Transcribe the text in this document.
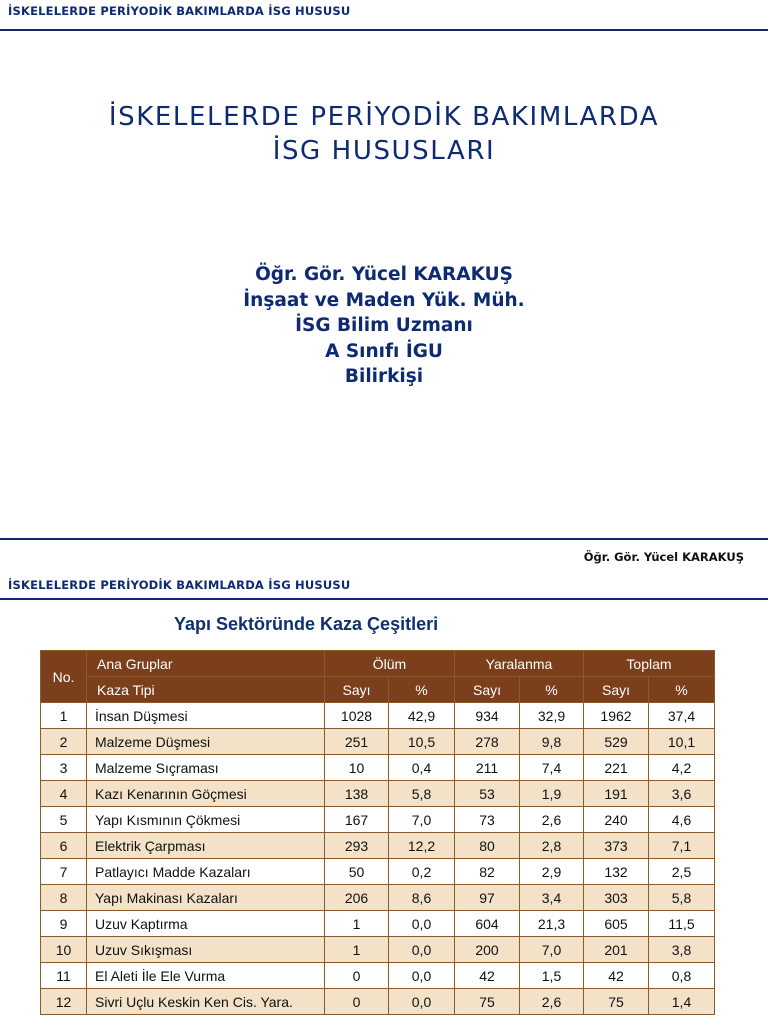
İSKELELERDE PERİYODİK BAKIMLARDA İSG HUSUSU
İSKELELERDE PERİYODİK BAKIMLARDA
İSG HUSUSLARI
Öğr. Gör. Yücel KARAKUŞ
İnşaat ve Maden Yük. Müh.
İSG Bilim Uzmanı
A Sınıfı İGU
Bilirkişi
Öğr. Gör. Yücel KARAKUŞ
İSKELELERDE PERİYODİK BAKIMLARDA İSG HUSUSU
Yapı Sektöründe Kaza Çeşitleri
No.	Ana Gruplar	Ölüm		Yaralanma		Toplam	
	Kaza Tipi	Sayı	%	Sayı	%	Sayı	%
1	İnsan Düşmesi	1028	42,9	934	32,9	1962	37,4
2	Malzeme Düşmesi	251	10,5	278	9,8	529	10,1
3	Malzeme Sıçraması	10	0,4	211	7,4	221	4,2
4	Kazı Kenarının Göçmesi	138	5,8	53	1,9	191	3,6
5	Yapı Kısmının Çökmesi	167	7,0	73	2,6	240	4,6
6	Elektrik Çarpması	293	12,2	80	2,8	373	7,1
7	Patlayıcı Madde Kazaları	50	0,2	82	2,9	132	2,5
8	Yapı Makinası Kazaları	206	8,6	97	3,4	303	5,8
9	Uzuv Kaptırma	1	0,0	604	21,3	605	11,5
10	Uzuv Sıkışması	1	0,0	200	7,0	201	3,8
11	El Aleti İle Ele Vurma	0	0,0	42	1,5	42	0,8
12	Sivri Uçlu Keskin Ken Cis. Yara.	0	0,0	75	2,6	75	1,4
